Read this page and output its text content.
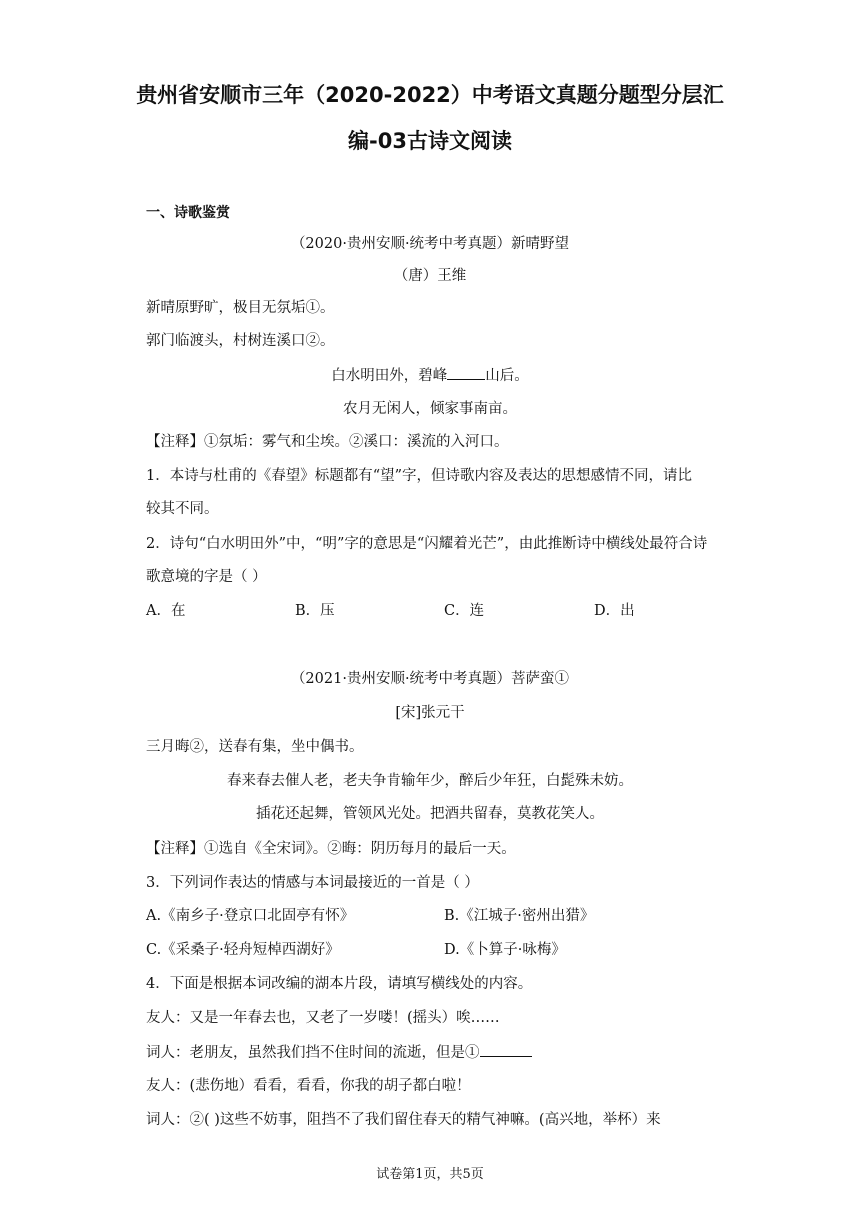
贵州省安顺市三年（2020-2022）中考语文真题分题型分层汇
编-03古诗文阅读
一、诗歌鉴赏
（2020·贵州安顺·统考中考真题）新晴野望
（唐）王维
新晴原野旷，极目无氛垢①。
郭门临渡头，村树连溪口②。
白水明田外，碧峰	山后。
农月无闲人，倾家事南亩。
【注释】①氛垢：雾气和尘埃。②溪口：溪流的入河口。
1．本诗与杜甫的《春望》标题都有“望”字，但诗歌内容及表达的思想感情不同，请比
较其不同。
2．诗句“白水明田外”中，“明”字的意思是“闪耀着光芒”，由此推断诗中横线处最符合诗
歌意境的字是（ ）
A．在	B．压	C．连	D．出
（2021·贵州安顺·统考中考真题）菩萨蛮①
[宋]张元干
三月晦②，送春有集，坐中偶书。
春来春去催人老，老夫争肯输年少，醉后少年狂，白髭殊未妨。
插花还起舞，管领风光处。把酒共留春，莫教花笑人。
【注释】①选自《全宋词》。②晦：阴历每月的最后一天。
3．下列词作表达的情感与本词最接近的一首是（ ）
A.《南乡子·登京口北固亭有怀》	B.《江城子·密州出猎》
C.《采桑子·轻舟短棹西湖好》	D.《卜算子·咏梅》
4．下面是根据本词改编的湖本片段，请填写横线处的内容。
友人：又是一年春去也，又老了一岁喽！(摇头）唉……
词人：老朋友，虽然我们挡不住时间的流逝，但是①
友人：(悲伤地）看看，看看，你我的胡子都白啦！
词人：②( )这些不妨事，阻挡不了我们留住春天的精气神嘛。(高兴地，举杯）来
试卷第1页，共5页
